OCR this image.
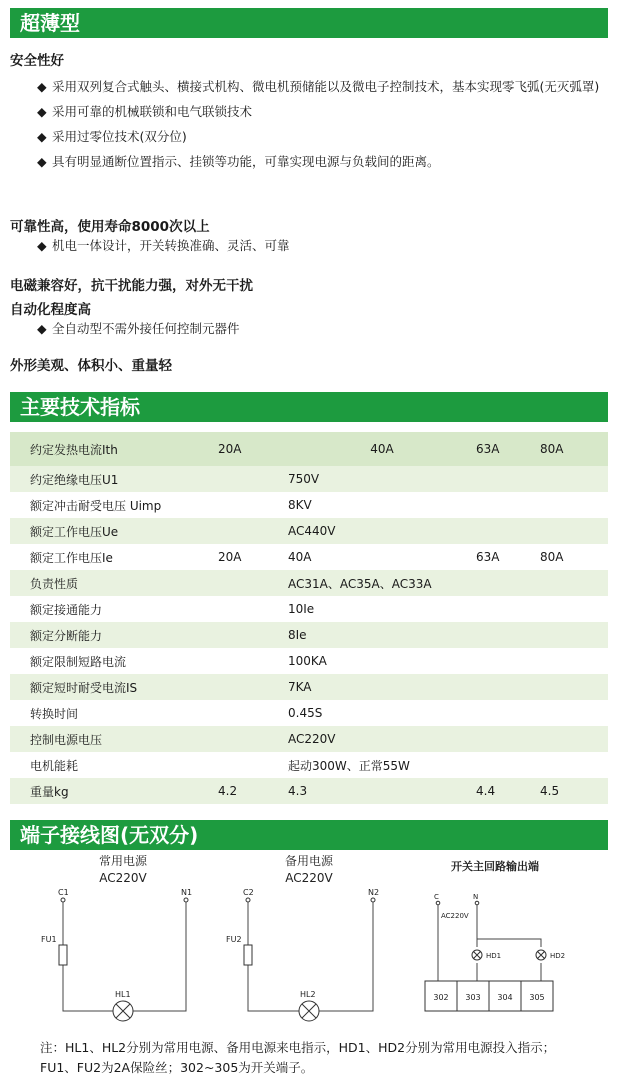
超薄型
安全性好
◆ 采用双列复合式触头、横接式机构、微电机预储能以及微电子控制技术，基本实现零飞弧(无灭弧罩)
◆ 采用可靠的机械联锁和电气联锁技术
◆ 采用过零位技术(双分位)
◆ 具有明显通断位置指示、挂锁等功能，可靠实现电源与负载间的距离。
可靠性高，使用寿命8000次以上
◆ 机电一体设计，开关转换准确、灵活、可靠
电磁兼容好，抗干扰能力强，对外无干扰
自动化程度高
◆ 全自动型不需外接任何控制元器件
外形美观、体积小、重量轻
主要技术指标
约定发热电流Ith	20A	40A	63A	80A
约定绝缘电压U1		750V		
额定冲击耐受电压 Uimp		8KV		
额定工作电压Ue		AC440V		
额定工作电压Ie	20A	40A	63A	80A
负责性质		AC31A、AC35A、AC33A		
额定接通能力		10Ie		
额定分断能力		8Ie		
额定限制短路电流		100KA		
额定短时耐受电流IS		7KA		
转换时间		0.45S		
控制电源电压		AC220V		
电机能耗		起动300W、正常55W		
重量kg	4.2	4.3	4.4	4.5
端子接线图(无双分)
常用电源
AC220V
C1	N1
FU1
HL1
备用电源
AC220V
C2	N2
FU2
HL2
开关主回路输出端
C	N
AC220V
HD1	HD2
302 303 304 305
注：HL1、HL2分别为常用电源、备用电源来电指示，HD1、HD2分别为常用电源投入指示；
FU1、FU2为2A保险丝；302~305为开关端子。
